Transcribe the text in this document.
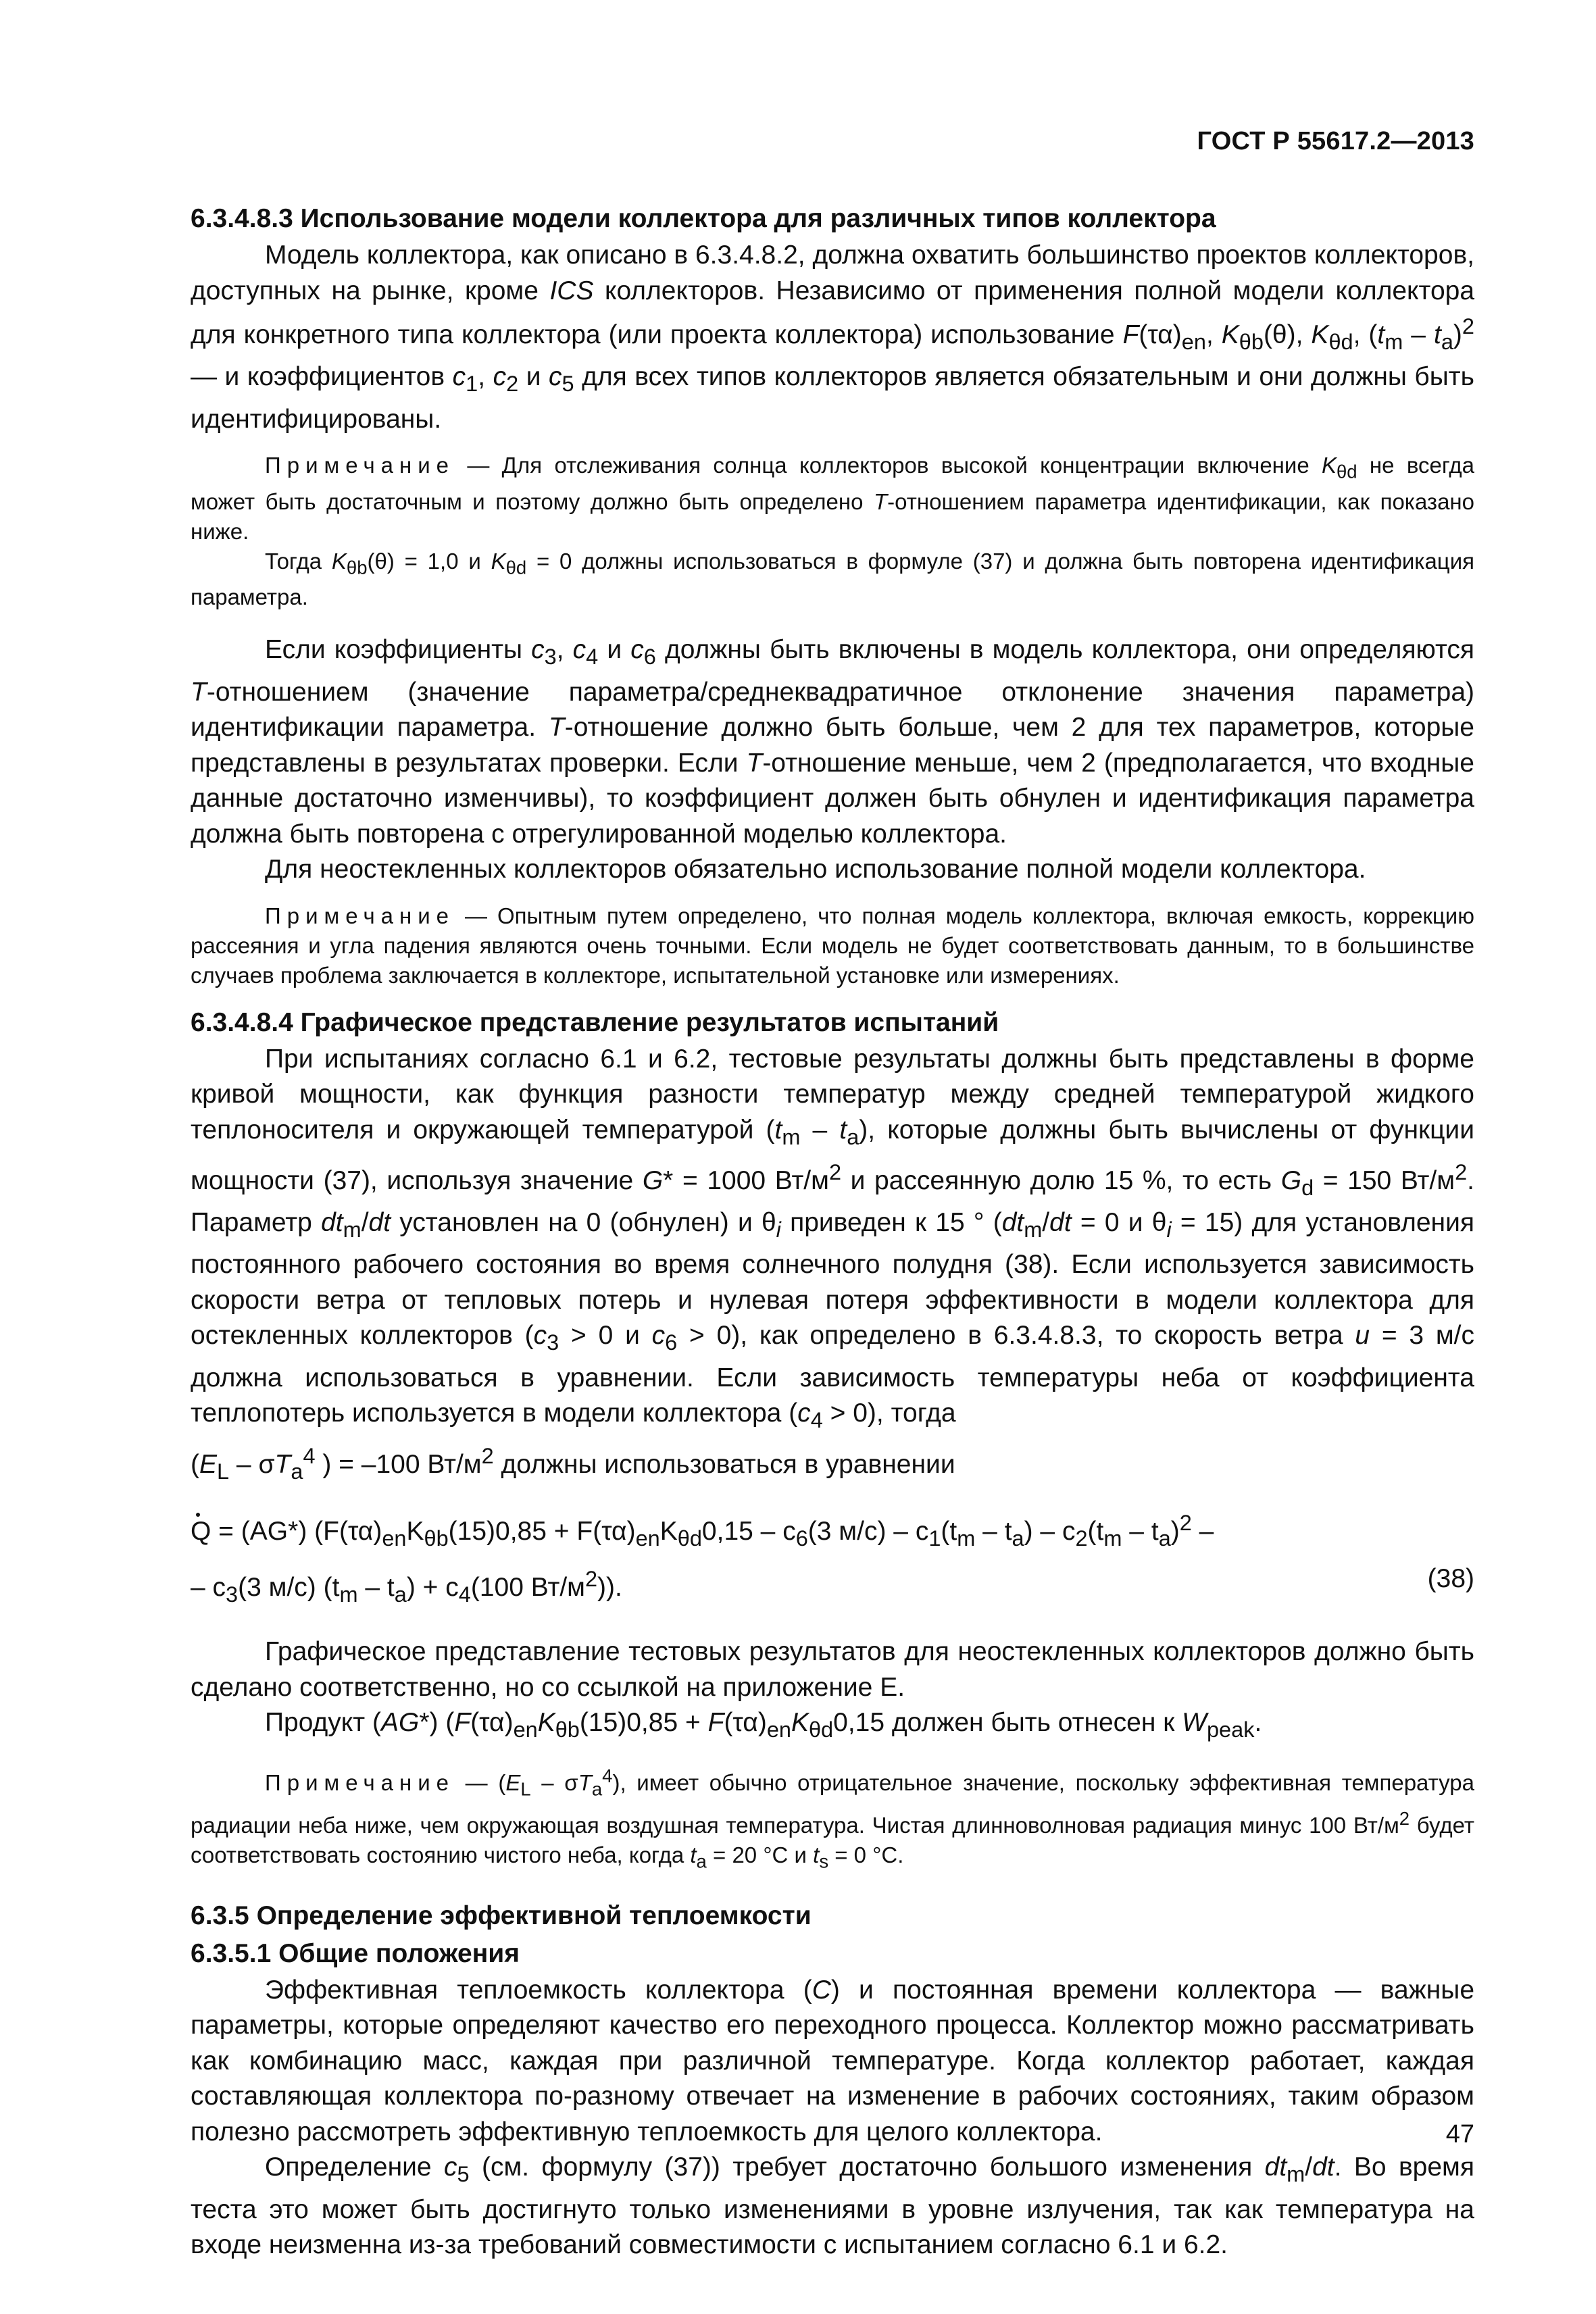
ГОСТ Р 55617.2—2013
6.3.4.8.3 Использование модели коллектора для различных типов коллектора
Модель коллектора, как описано в 6.3.4.8.2, должна охватить большинство проектов коллекторов, доступных на рынке, кроме ICS коллекторов. Независимо от применения полной модели коллектора для конкретного типа коллектора (или проекта коллектора) использование $F(\tau\alpha)_{en}$, $K_{\theta b}(\theta)$, $K_{\theta d}$, $(t_m - t_a)^2$ — и коэффициентов $c_1$, $c_2$ и $c_5$ для всех типов коллекторов является обязательным и они должны быть идентифицированы.
Примечание — Для отслеживания солнца коллекторов высокой концентрации включение $K_{\theta d}$ не всегда может быть достаточным и поэтому должно быть определено Т-отношением параметра идентификации, как показано ниже.
Тогда $K_{\theta b}(\theta) = 1,0$ и $K_{\theta d} = 0$ должны использоваться в формуле (37) и должна быть повторена идентификация параметра.
Если коэффициенты $c_3$, $c_4$ и $c_6$ должны быть включены в модель коллектора, они определяются Т-отношением (значение параметра/среднеквадратичное отклонение значения параметра) идентификации параметра. Т-отношение должно быть больше, чем 2 для тех параметров, которые представлены в результатах проверки. Если Т-отношение меньше, чем 2 (предполагается, что входные данные достаточно изменчивы), то коэффициент должен быть обнулен и идентификация параметра должна быть повторена с отрегулированной моделью коллектора.
Для неостекленных коллекторов обязательно использование полной модели коллектора.
Примечание — Опытным путем определено, что полная модель коллектора, включая емкость, коррекцию рассеяния и угла падения являются очень точными. Если модель не будет соответствовать данным, то в большинстве случаев проблема заключается в коллекторе, испытательной установке или измерениях.
6.3.4.8.4 Графическое представление результатов испытаний
При испытаниях согласно 6.1 и 6.2, тестовые результаты должны быть представлены в форме кривой мощности, как функция разности температур между средней температурой жидкого теплоносителя и окружающей температурой $(t_m - t_a)$, которые должны быть вычислены от функции мощности (37), используя значение G* = 1000 $Вт/м^2$ и рассеянную долю 15 %, то есть $G_d = 150$ $Вт/м^2$. Параметр $dt_m/dt$ установлен на 0 (обнулен) и $\theta_i$ приведен к 15 ° ($dt_m/dt = 0$ и $\theta_i = 15$) для установления постоянного рабочего состояния во время солнечного полудня (38). Если используется зависимость скорости ветра от тепловых потерь и нулевая потеря эффективности в модели коллектора для остекленных коллекторов ($c_3 > 0$ и $c_6 > 0$), как определено в 6.3.4.8.3, то скорость ветра u = 3 м/с должна использоваться в уравнении. Если зависимость температуры неба от коэффициента теплопотерь используется в модели коллектора $(c_4 > 0)$, тогда
($E_L - \sigma T_a^4$ ) = –100 $Вт/м^2$ должны использоваться в уравнении
Q = (AG*) ($F(\tau\alpha)_{en}K_{\theta b}(15)0,85 + F(\tau\alpha)_{en}K_{\theta d}0,15 - c_6(3$ $м/с) - c_1(t_m - t_a) - c_2(t_m - t_a)^2$ –
– $c_3(3$ м/с) $(t_m - t_a) + c_4(100$ $Вт/м^2$)).	(38)
Графическое представление тестовых результатов для неостекленных коллекторов должно быть сделано соответственно, но со ссылкой на приложение Е.
Продукт (AG*) ($F(\tau\alpha)_{en}K_{\theta b}(15)0,85 + F(\tau\alpha)_{en}K_{\theta d}0,15$ должен быть отнесен к $W_{peak}$.
Примечание — $(E_L - \sigma T_a^4)$, имеет обычно отрицательное значение, поскольку эффективная температура радиации неба ниже, чем окружающая воздушная температура. Чистая длинноволновая радиация минус 100 $Вт/м^2$ будет соответствовать состоянию чистого неба, когда $t_a = 20$ °С и $t_s = 0$ °С.
6.3.5 Определение эффективной теплоемкости
6.3.5.1 Общие положения
Эффективная теплоемкость коллектора (C) и постоянная времени коллектора — важные параметры, которые определяют качество его переходного процесса. Коллектор можно рассматривать как комбинацию масс, каждая при различной температуре. Когда коллектор работает, каждая составляющая коллектора по-разному отвечает на изменение в рабочих состояниях, таким образом полезно рассмотреть эффективную теплоемкость для целого коллектора.
Определение $c_5$ (см. формулу (37)) требует достаточно большого изменения $dt_m/dt$. Во время теста это может быть достигнуто только изменениями в уровне излучения, так как температура на входе неизменна из-за требований совместимости с испытанием согласно 6.1 и 6.2.
47
